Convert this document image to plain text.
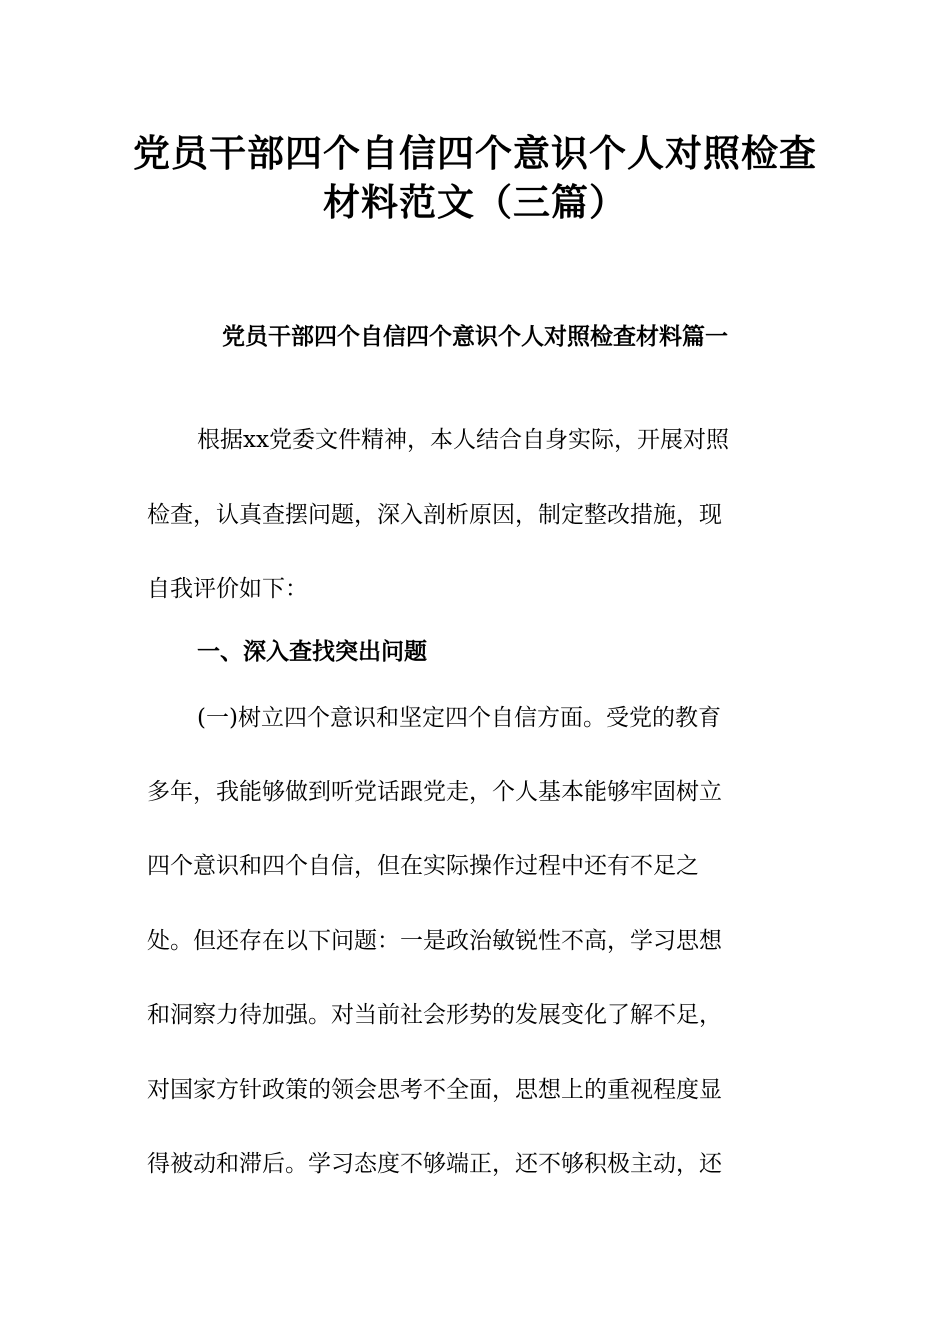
党员干部四个自信四个意识个人对照检查
材料范文（三篇）
党员干部四个自信四个意识个人对照检查材料篇一

根据xx党委文件精神，本人结合自身实际，开展对照

检查，认真查摆问题，深入剖析原因，制定整改措施，现

自我评价如下：

一、深入查找突出问题

(一)树立四个意识和坚定四个自信方面。受党的教育

多年，我能够做到听党话跟党走，个人基本能够牢固树立

四个意识和四个自信，但在实际操作过程中还有不足之

处。但还存在以下问题：一是政治敏锐性不高，学习思想

和洞察力待加强。对当前社会形势的发展变化了解不足，

对国家方针政策的领会思考不全面，思想上的重视程度显

得被动和滞后。学习态度不够端正，还不够积极主动，还
